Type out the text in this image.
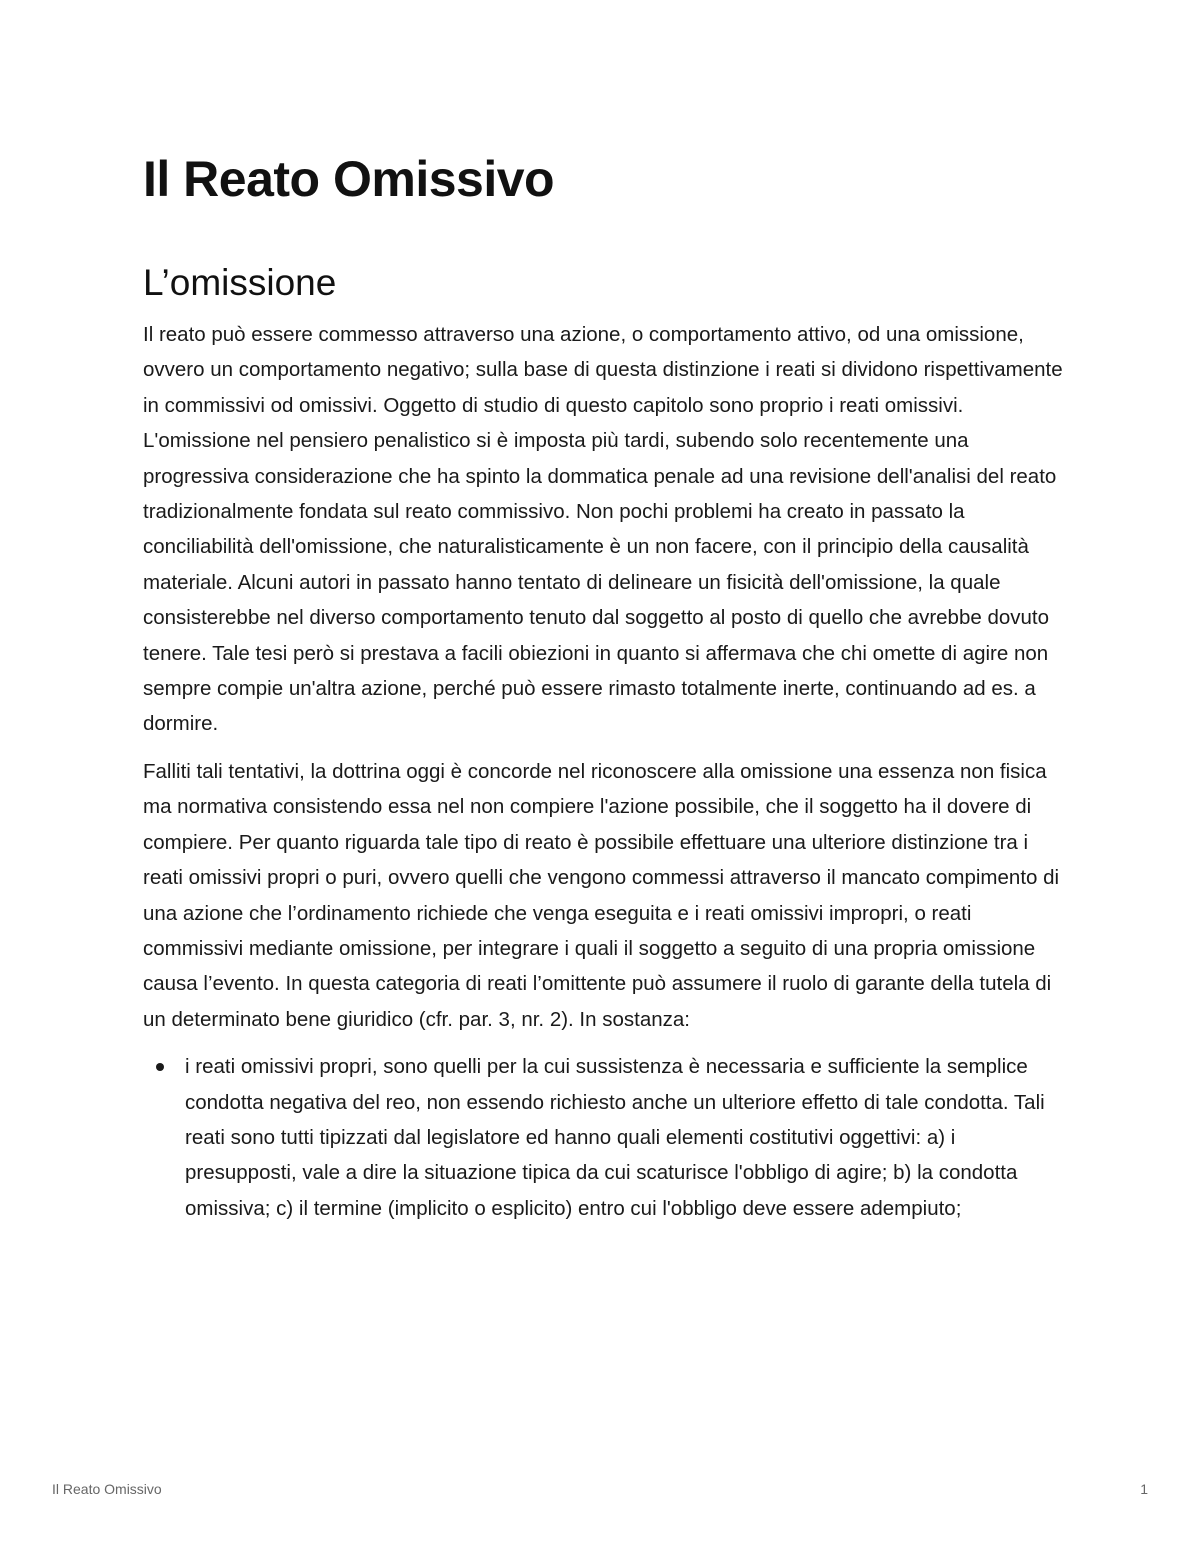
Il Reato Omissivo
L’omissione

Il reato può essere commesso attraverso una azione, o comportamento attivo, od una omissione, ovvero un comportamento negativo; sulla base di questa distinzione i reati si dividono rispettivamente in commissivi od omissivi. Oggetto di studio di questo capitolo sono proprio i reati omissivi. L'omissione nel pensiero penalistico si è imposta più tardi, subendo solo recentemente una progressiva considerazione che ha spinto la dommatica penale ad una revisione dell'analisi del reato tradizionalmente fondata sul reato commissivo. Non pochi problemi ha creato in passato la conciliabilità dell'omissione, che naturalisticamente è un non facere, con il principio della causalità materiale. Alcuni autori in passato hanno tentato di delineare un fisicità dell'omissione, la quale consisterebbe nel diverso comportamento tenuto dal soggetto al posto di quello che avrebbe dovuto tenere. Tale tesi però si prestava a facili obiezioni in quanto si affermava che chi omette di agire non sempre compie un'altra azione, perché può essere rimasto totalmente inerte, continuando ad es. a dormire.

Falliti tali tentativi, la dottrina oggi è concorde nel riconoscere alla omissione una essenza non fisica ma normativa consistendo essa nel non compiere l'azione possibile, che il soggetto ha il dovere di compiere. Per quanto riguarda tale tipo di reato è possibile effettuare una ulteriore distinzione tra i reati omissivi propri o puri, ovvero quelli che vengono commessi attraverso il mancato compimento di una azione che l’ordinamento richiede che venga eseguita e i reati omissivi impropri, o reati commissivi mediante omissione, per integrare i quali il soggetto a seguito di una propria omissione causa l’evento. In questa categoria di reati l’omittente può assumere il ruolo di garante della tutela di un determinato bene giuridico (cfr. par. 3, nr. 2). In sostanza:

i reati omissivi propri, sono quelli per la cui sussistenza è necessaria e sufficiente la semplice condotta negativa del reo, non essendo richiesto anche un ulteriore effetto di tale condotta. Tali reati sono tutti tipizzati dal legislatore ed hanno quali elementi costitutivi oggettivi: a) i presupposti, vale a dire la situazione tipica da cui scaturisce l'obbligo di agire; b) la condotta omissiva; c) il termine (implicito o esplicito) entro cui l'obbligo deve essere adempiuto;
Il Reato Omissivo	1
